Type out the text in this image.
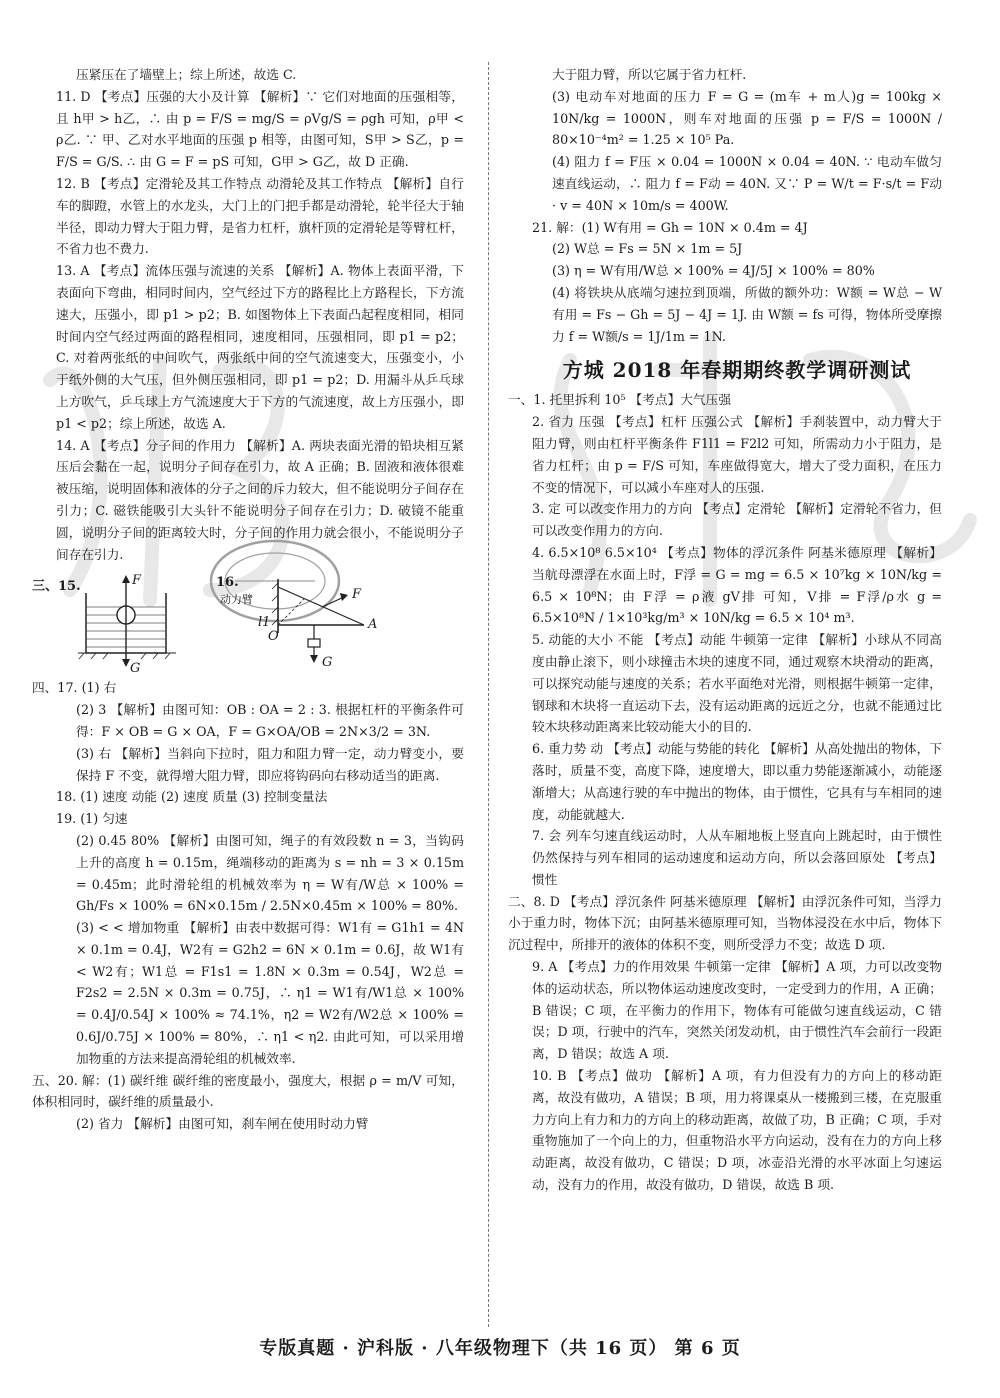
压紧压在了墙壁上；综上所述，故选 C.

11. D 【考点】压强的大小及计算 【解析】∵ 它们对地面的压强相等，且 h甲 > h乙，∴ 由 p = F/S = mg/S = ρVg/S = ρgh 可知，ρ甲 < ρ乙. ∵ 甲、乙对水平地面的压强 p 相等，由图可知，S甲 > S乙，p = F/S = G/S. ∴ 由 G = F = pS 可知，G甲 > G乙，故 D 正确.

12. B 【考点】定滑轮及其工作特点 动滑轮及其工作特点 【解析】自行车的脚蹬，水管上的水龙头，大门上的门把手都是动滑轮，轮半径大于轴半径，即动力臂大于阻力臂，是省力杠杆，旗杆顶的定滑轮是等臂杠杆，不省力也不费力.

13. A 【考点】流体压强与流速的关系 【解析】A. 物体上表面平滑，下表面向下弯曲，相同时间内，空气经过下方的路程比上方路程长，下方流速大，压强小，即 p1 > p2；B. 如图物体上下表面凸起程度相同，相同时间内空气经过两面的路程相同，速度相同，压强相同，即 p1 = p2；C. 对着两张纸的中间吹气，两张纸中间的空气流速变大，压强变小，小于纸外侧的大气压，但外侧压强相同，即 p1 = p2；D. 用漏斗从乒乓球上方吹气，乒乓球上方气流速度大于下方的气流速度，故上方压强小，即 p1 < p2；综上所述，故选 A.

14. A 【考点】分子间的作用力 【解析】A. 两块表面光滑的铅块相互紧压后会黏在一起，说明分子间存在引力，故 A 正确；B. 固液和液体很难被压缩，说明固体和液体的分子之间的斥力较大，但不能说明分子间存在引力；C. 磁铁能吸引大头针不能说明分子间存在引力；D. 破镜不能重圆，说明分子间的距离较大时，分子间的作用力就会很小，不能说明分子间存在引力.

三、15.	F
G
16.
动力臂
l1
O
F
A
G

四、17. (1) 右

(2) 3 【解析】由图可知：OB : OA = 2 : 3. 根据杠杆的平衡条件可得：F × OB = G × OA，F = G×OA/OB = 2N×3/2 = 3N.

(3) 右 【解析】当斜向下拉时，阻力和阻力臂一定，动力臂变小，要保持 F 不变，就得增大阻力臂，即应将钩码向右移动适当的距离.

18. (1) 速度 动能 (2) 速度 质量 (3) 控制变量法

19. (1) 匀速

(2) 0.45 80% 【解析】由图可知，绳子的有效段数 n = 3，当钩码上升的高度 h = 0.15m，绳端移动的距离为 s = nh = 3 × 0.15m = 0.45m；此时滑轮组的机械效率为 η = W有/W总 × 100% = Gh/Fs × 100% = 6N×0.15m / 2.5N×0.45m × 100% = 80%.

(3) < < 增加物重 【解析】由表中数据可得：W1有 = G1h1 = 4N × 0.1m = 0.4J，W2有 = G2h2 = 6N × 0.1m = 0.6J，故 W1有 < W2有；W1总 = F1s1 = 1.8N × 0.3m = 0.54J，W2总 = F2s2 = 2.5N × 0.3m = 0.75J，∴ η1 = W1有/W1总 × 100% = 0.4J/0.54J × 100% ≈ 74.1%，η2 = W2有/W2总 × 100% = 0.6J/0.75J × 100% = 80%，∴ η1 < η2. 由此可知，可以采用增加物重的方法来提高滑轮组的机械效率.

五、20. 解：(1) 碳纤维 碳纤维的密度最小，强度大，根据 ρ = m/V 可知，体积相同时，碳纤维的质量最小.

(2) 省力 【解析】由图可知，刹车闸在使用时动力臂

大于阻力臂，所以它属于省力杠杆.

(3) 电动车对地面的压力 F = G = (m车 + m人)g = 100kg × 10N/kg = 1000N，则车对地面的压强 p = F/S = 1000N / 80×10⁻⁴m² = 1.25 × 10⁵ Pa.

(4) 阻力 f = F压 × 0.04 = 1000N × 0.04 = 40N. ∵ 电动车做匀速直线运动，∴ 阻力 f = F动 = 40N. 又∵ P = W/t = F·s/t = F动 · v = 40N × 10m/s = 400W.

21. 解：(1) W有用 = Gh = 10N × 0.4m = 4J

(2) W总 = Fs = 5N × 1m = 5J

(3) η = W有用/W总 × 100% = 4J/5J × 100% = 80%

(4) 将铁块从底端匀速拉到顶端，所做的额外功：W额 = W总 − W有用 = Fs − Gh = 5J − 4J = 1J. 由 W额 = fs 可得，物体所受摩擦力 f = W额/s = 1J/1m = 1N.

方城 2018 年春期期终教学调研测试

一、1. 托里拆利 10⁵ 【考点】大气压强

2. 省力 压强 【考点】杠杆 压强公式 【解析】手刹装置中，动力臂大于阻力臂，则由杠杆平衡条件 F1l1 = F2l2 可知，所需动力小于阻力，是省力杠杆；由 p = F/S 可知，车座做得宽大，增大了受力面积，在压力不变的情况下，可以减小车座对人的压强.

3. 定 可以改变作用力的方向 【考点】定滑轮 【解析】定滑轮不省力，但可以改变作用力的方向.

4. 6.5×10⁸ 6.5×10⁴ 【考点】物体的浮沉条件 阿基米德原理 【解析】当航母漂浮在水面上时，F浮 = G = mg = 6.5 × 10⁷kg × 10N/kg = 6.5 × 10⁸N；由 F浮 = ρ液 gV排 可知，V排 = F浮/ρ水 g = 6.5×10⁸N / 1×10³kg/m³ × 10N/kg = 6.5 × 10⁴ m³.

5. 动能的大小 不能 【考点】动能 牛顿第一定律 【解析】小球从不同高度由静止滚下，则小球撞击木块的速度不同，通过观察木块滑动的距离，可以探究动能与速度的关系；若水平面绝对光滑，则根据牛顿第一定律，钢球和木块将一直运动下去，没有运动距离的远近之分，也就不能通过比较木块移动距离来比较动能大小的目的.

6. 重力势 动 【考点】动能与势能的转化 【解析】从高处抛出的物体，下落时，质量不变，高度下降，速度增大，即以重力势能逐渐减小，动能逐渐增大；从高速行驶的车中抛出的物体，由于惯性，它具有与车相同的速度，动能就越大.

7. 会 列车匀速直线运动时，人从车厢地板上竖直向上跳起时，由于惯性仍然保持与列车相同的运动速度和运动方向，所以会落回原处 【考点】惯性

二、8. D 【考点】浮沉条件 阿基米德原理 【解析】由浮沉条件可知，当浮力小于重力时，物体下沉；由阿基米德原理可知，当物体浸没在水中后，物体下沉过程中，所排开的液体的体积不变，则所受浮力不变；故选 D 项.

9. A 【考点】力的作用效果 牛顿第一定律 【解析】A 项，力可以改变物体的运动状态，所以物体运动速度改变时，一定受到力的作用，A 正确；B 错误；C 项，在平衡力的作用下，物体有可能做匀速直线运动，C 错误；D 项，行驶中的汽车，突然关闭发动机，由于惯性汽车会前行一段距离，D 错误；故选 A 项.

10. B 【考点】做功 【解析】A 项，有力但没有力的方向上的移动距离，故没有做功，A 错误；B 项，用力将课桌从一楼搬到三楼，在克服重力方向上有力和力的方向上的移动距离，故做了功，B 正确；C 项，手对重物施加了一个向上的力，但重物沿水平方向运动，没有在力的方向上移动距离，故没有做功，C 错误；D 项，冰壶沿光滑的水平冰面上匀速运动，没有力的作用，故没有做功，D 错误，故选 B 项.

专版真题 · 沪科版 · 八年级物理下（共 16 页） 第 6 页
